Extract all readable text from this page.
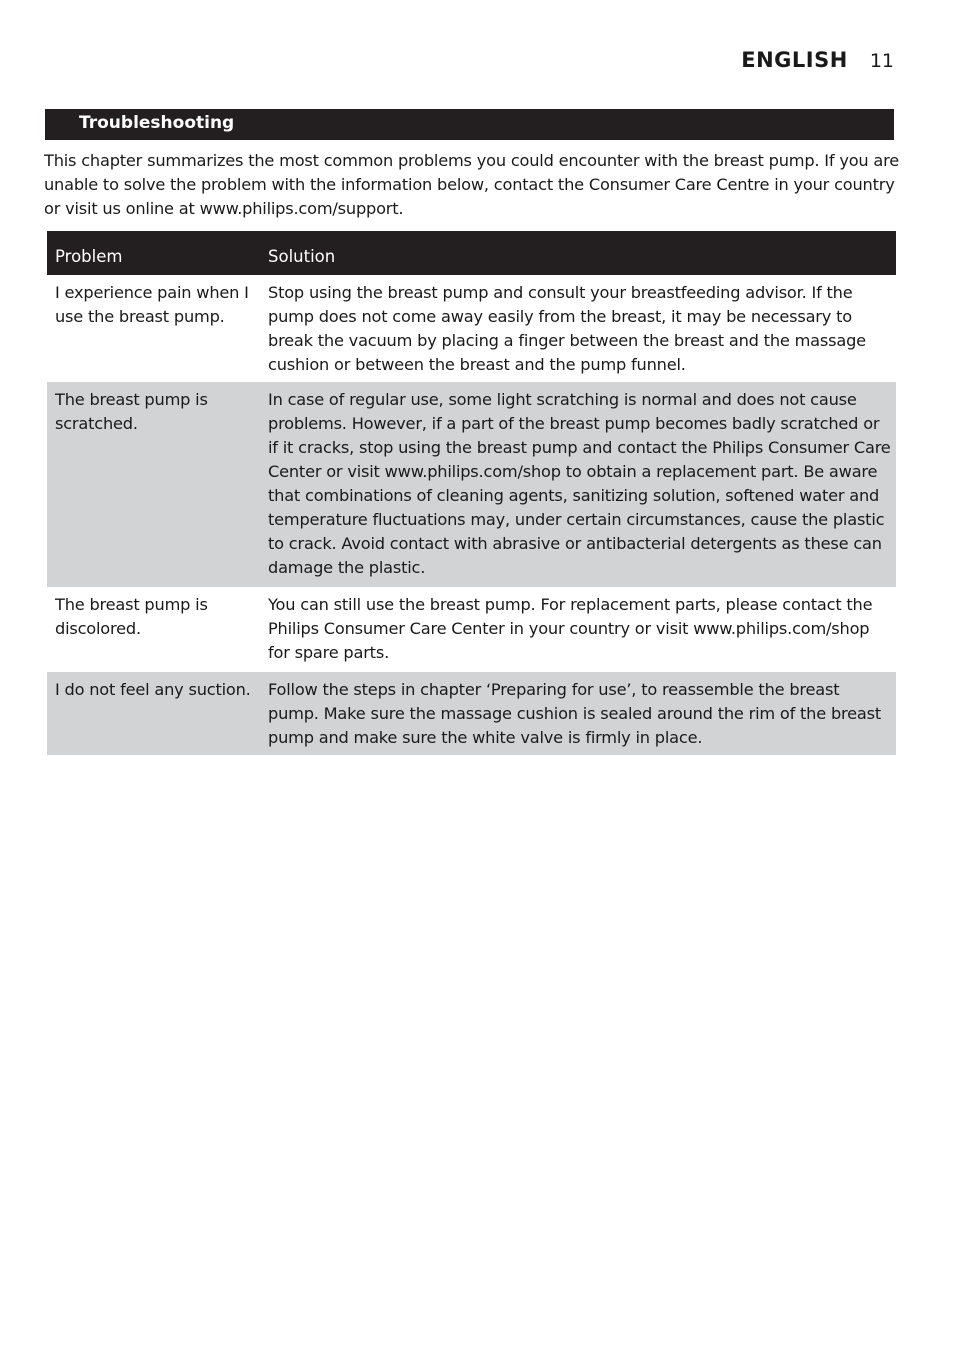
ENGLISH 11
Troubleshooting

This chapter summarizes the most common problems you could encounter with the breast pump. If you are unable to solve the problem with the information below, contact the Consumer Care Centre in your country or visit us online at www.philips.com/support.

Problem	Solution
I experience pain when I use the breast pump.
Stop using the breast pump and consult your breastfeeding advisor. If the pump does not come away easily from the breast, it may be necessary to break the vacuum by placing a finger between the breast and the massage cushion or between the breast and the pump funnel.
The breast pump is scratched.
In case of regular use, some light scratching is normal and does not cause problems. However, if a part of the breast pump becomes badly scratched or if it cracks, stop using the breast pump and contact the Philips Consumer Care Center or visit www.philips.com/shop to obtain a replacement part. Be aware that combinations of cleaning agents, sanitizing solution, softened water and temperature fluctuations may, under certain circumstances, cause the plastic to crack. Avoid contact with abrasive or antibacterial detergents as these can damage the plastic.
The breast pump is discolored.
You can still use the breast pump. For replacement parts, please contact the Philips Consumer Care Center in your country or visit www.philips.com/shop for spare parts.
I do not feel any suction.	Follow the steps in chapter ‘Preparing for use’, to reassemble the breast pump. Make sure the massage cushion is sealed around the rim of the breast pump and make sure the white valve is firmly in place.
